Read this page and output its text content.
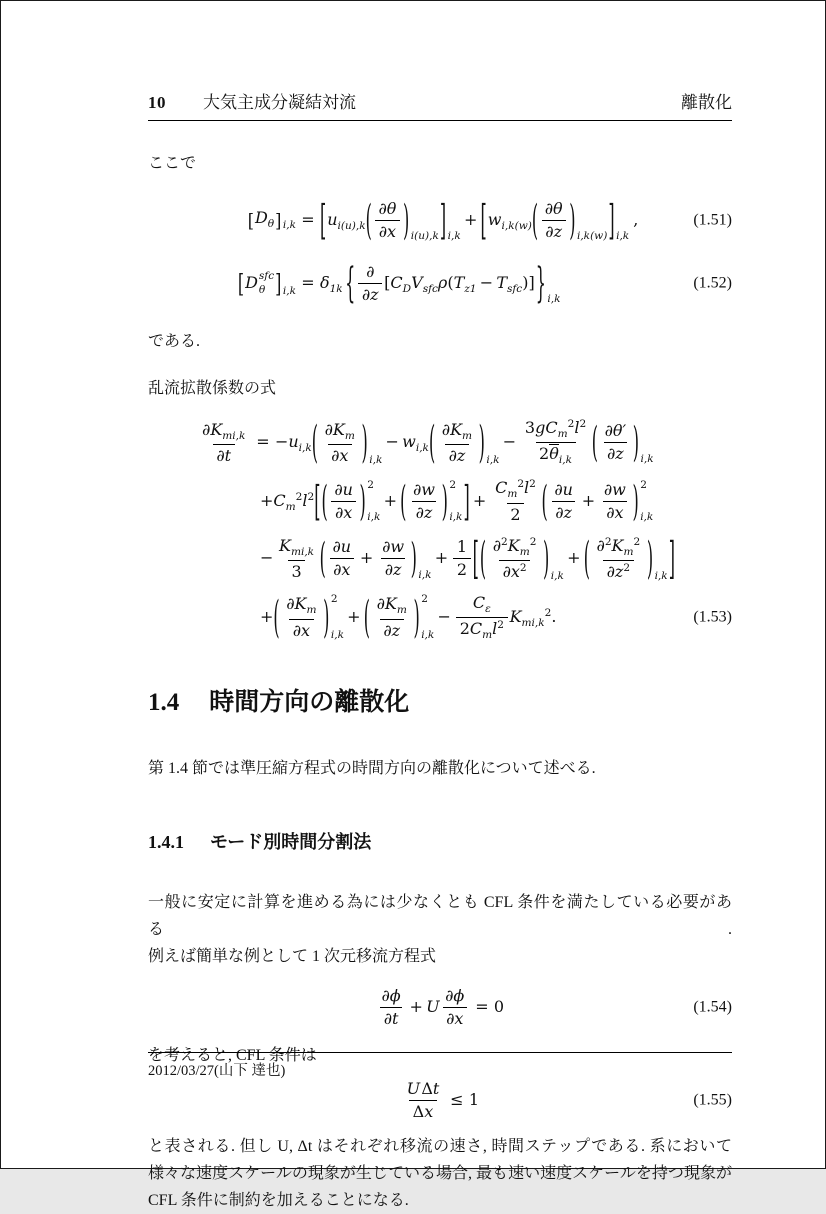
10 大気主成分凝結対流	離散化
ここで
[ $D_\theta$ ] i,k = [ $u_{i(u),k}$ ( $\frac{\partial\theta}{\partial x}$ ) i(u),k ] i,k
+ [ $w_{i,k(w)}$ ( $\frac{\partial\theta}{\partial z}$ ) i,k(w) ] i,k
,	(1.51)
[ D sfc
θ ] $i,k = \delta_{1k}$ { ∂
∂z
$[C_DV_{sfc}\rho(T_{z1} - T_{sfc})]$ } i,k
(1.52)
である.
乱流拡散係数の式
$\partial K_{mi,k}$
∂t
= $-u_{i,k}$ ( $\frac{\partial K_m}{\partial x}$ ) i,k
− $w_{i,k}$ ( $\frac{\partial K_m}{\partial z}$ ) i,k
−
$3gC_m^2l^2$
$2\theta_{i,k}$ ( $\frac{\partial\theta'}{\partial z}$ ) i,k
$+C_m^2l^2$ [ ( $\frac{\partial u}{\partial x}$ ) 2
i,k
+ ( $\frac{\partial w}{\partial z}$ ) 2
i,k ] + $\frac{C_m^2l^2}{2}$ ( $\frac{\partial u}{\partial z} + \frac{\partial w}{\partial x}$ ) 2
i,k
−
$K_{mi,k}$
3 ( $\frac{\partial u}{\partial x} + \frac{\partial w}{\partial z}$ ) i,k
+ $\frac{1}{2}$ [ ( $\frac{\partial^2K_m^2}{\partial x^2}$ ) i,k
+ ( $\frac{\partial^2K_m^2}{\partial z^2}$ ) i,k ]
+ ( $\frac{\partial K_m}{\partial x}$ ) 2
i,k
+ ( $\frac{\partial K_m}{\partial z}$ ) 2
i,k
−
$C_\varepsilon$
$2C_ml^2$ $K_{mi,k}^2$.	(1.53)
1.4 時間方向の離散化
第 1.4 節では準圧縮方程式の時間方向の離散化について述べる.
1.4.1 モード別時間分割法
一般に安定に計算を進める為には少なくとも CFL 条件を満たしている必要がある.
例えば簡単な例として 1 次元移流方程式
$\frac{\partial\phi}{\partial t} + U \frac{\partial\phi}{\partial x} = 0$	(1.54)
を考えると, CFL 条件は
UΔt
Δx
≤ 1	(1.55)
と表される. 但し U, Δt はそれぞれ移流の速さ, 時間ステップである. 系において
様々な速度スケールの現象が生じている場合, 最も速い速度スケールを持つ現象が
CFL 条件に制約を加えることになる.
2012/03/27(山下 達也)
